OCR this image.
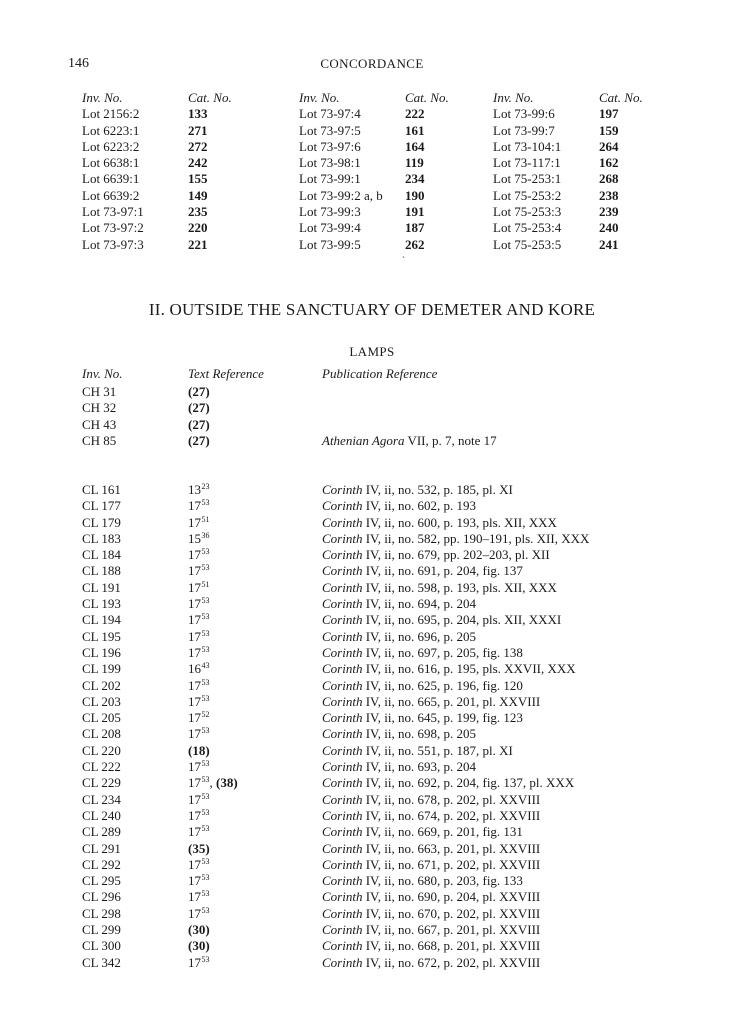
146	CONCORDANCE
Inv. No.	Cat. No.
Lot 2156:2	133
Lot 6223:1	271
Lot 6223:2	272
Lot 6638:1	242
Lot 6639:1	155
Lot 6639:2	149
Lot 73-97:1	235
Lot 73-97:2	220
Lot 73-97:3	221
Inv. No.	Cat. No.
Lot 73-97:4	222
Lot 73-97:5	161
Lot 73-97:6	164
Lot 73-98:1	119
Lot 73-99:1	234
Lot 73-99:2 a, b 190
Lot 73-99:3	191
Lot 73-99:4	187
Lot 73-99:5	262
Inv. No.	Cat. No.
Lot 73-99:6	197
Lot 73-99:7	159
Lot 73-104:1	264
Lot 73-117:1	162
Lot 75-253:1	268
Lot 75-253:2	238
Lot 75-253:3	239
Lot 75-253:4	240
Lot 75-253:5	241
`
II. OUTSIDE THE SANCTUARY OF DEMETER AND KORE
LAMPS
Inv. No.	Text Reference	Publication Reference
CH 31	(27)
CH 32	(27)
CH 43	(27)
CH 85	(27)	Athenian Agora VII, p. 7, note 17
CL 161	$13^{23}$	Corinth IV, ii, no. 532, p. 185, pl. XI
CL 177	$17^{53}$	Corinth IV, ii, no. 602, p. 193
CL 179	$17^{51}$	Corinth IV, ii, no. 600, p. 193, pls. XII, XXX
CL 183	$15^{36}$	Corinth IV, ii, no. 582, pp. 190–191, pls. XII, XXX
CL 184	$17^{53}$	Corinth IV, ii, no. 679, pp. 202–203, pl. XII
CL 188	$17^{53}$	Corinth IV, ii, no. 691, p. 204, fig. 137
CL 191	$17^{51}$	Corinth IV, ii, no. 598, p. 193, pls. XII, XXX
CL 193	$17^{53}$	Corinth IV, ii, no. 694, p. 204
CL 194	$17^{53}$	Corinth IV, ii, no. 695, p. 204, pls. XII, XXXI
CL 195	$17^{53}$	Corinth IV, ii, no. 696, p. 205
CL 196	$17^{53}$	Corinth IV, ii, no. 697, p. 205, fig. 138
CL 199	$16^{43}$	Corinth IV, ii, no. 616, p. 195, pls. XXVII, XXX
CL 202	$17^{53}$	Corinth IV, ii, no. 625, p. 196, fig. 120
CL 203	$17^{53}$	Corinth IV, ii, no. 665, p. 201, pl. XXVIII
CL 205	$17^{52}$	Corinth IV, ii, no. 645, p. 199, fig. 123
CL 208	$17^{53}$	Corinth IV, ii, no. 698, p. 205
CL 220	(18)	Corinth IV, ii, no. 551, p. 187, pl. XI
CL 222	$17^{53}$	Corinth IV, ii, no. 693, p. 204
CL 229	$17^{53}$, (38)	Corinth IV, ii, no. 692, p. 204, fig. 137, pl. XXX
CL 234	$17^{53}$	Corinth IV, ii, no. 678, p. 202, pl. XXVIII
CL 240	$17^{53}$	Corinth IV, ii, no. 674, p. 202, pl. XXVIII
CL 289	$17^{53}$	Corinth IV, ii, no. 669, p. 201, fig. 131
CL 291	(35)	Corinth IV, ii, no. 663, p. 201, pl. XXVIII
CL 292	$17^{53}$	Corinth IV, ii, no. 671, p. 202, pl. XXVIII
CL 295	$17^{53}$	Corinth IV, ii, no. 680, p. 203, fig. 133
CL 296	$17^{53}$	Corinth IV, ii, no. 690, p. 204, pl. XXVIII
CL 298	$17^{53}$	Corinth IV, ii, no. 670, p. 202, pl. XXVIII
CL 299	(30)	Corinth IV, ii, no. 667, p. 201, pl. XXVIII
CL 300	(30)	Corinth IV, ii, no. 668, p. 201, pl. XXVIII
CL 342	$17^{53}$	Corinth IV, ii, no. 672, p. 202, pl. XXVIII
